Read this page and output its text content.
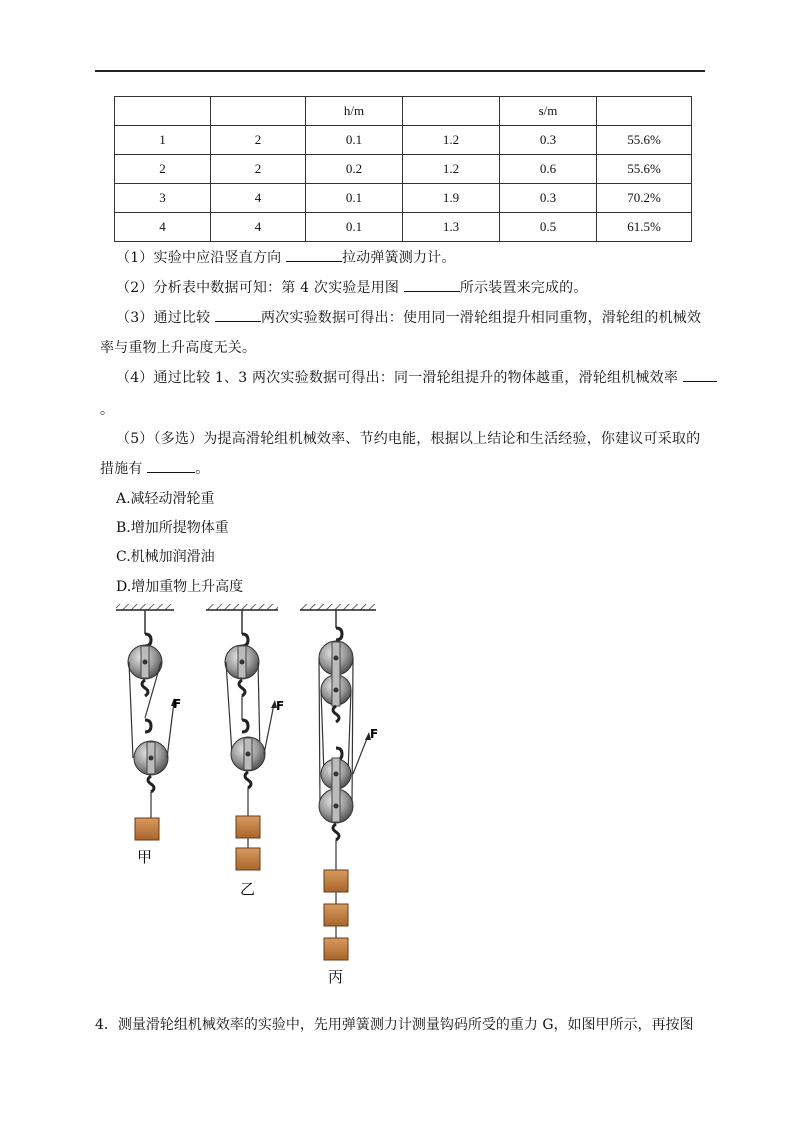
		h/m		s/m	
1	2	0.1	1.2	0.3	55.6%
2	2	0.2	1.2	0.6	55.6%
3	4	0.1	1.9	0.3	70.2%
4	4	0.1	1.3	0.5	61.5%
（1）实验中应沿竖直方向	拉动弹簧测力计。
（2）分析表中数据可知：第 4 次实验是用图	所示装置来完成的。
（3）通过比较	两次实验数据可得出：使用同一滑轮组提升相同重物，滑轮组的机械效
率与重物上升高度无关。
（4）通过比较 1、3 两次实验数据可得出：同一滑轮组提升的物体越重，滑轮组机械效率
。
（5）（多选）为提高滑轮组机械效率、节约电能，根据以上结论和生活经验，你建议可采取的
措施有	。
A.减轻动滑轮重
B.增加所提物体重
C.机械加润滑油
D.增加重物上升高度
F	F
F
甲
乙
丙
4．测量滑轮组机械效率的实验中，先用弹簧测力计测量钩码所受的重力 G，如图甲所示，再按图
